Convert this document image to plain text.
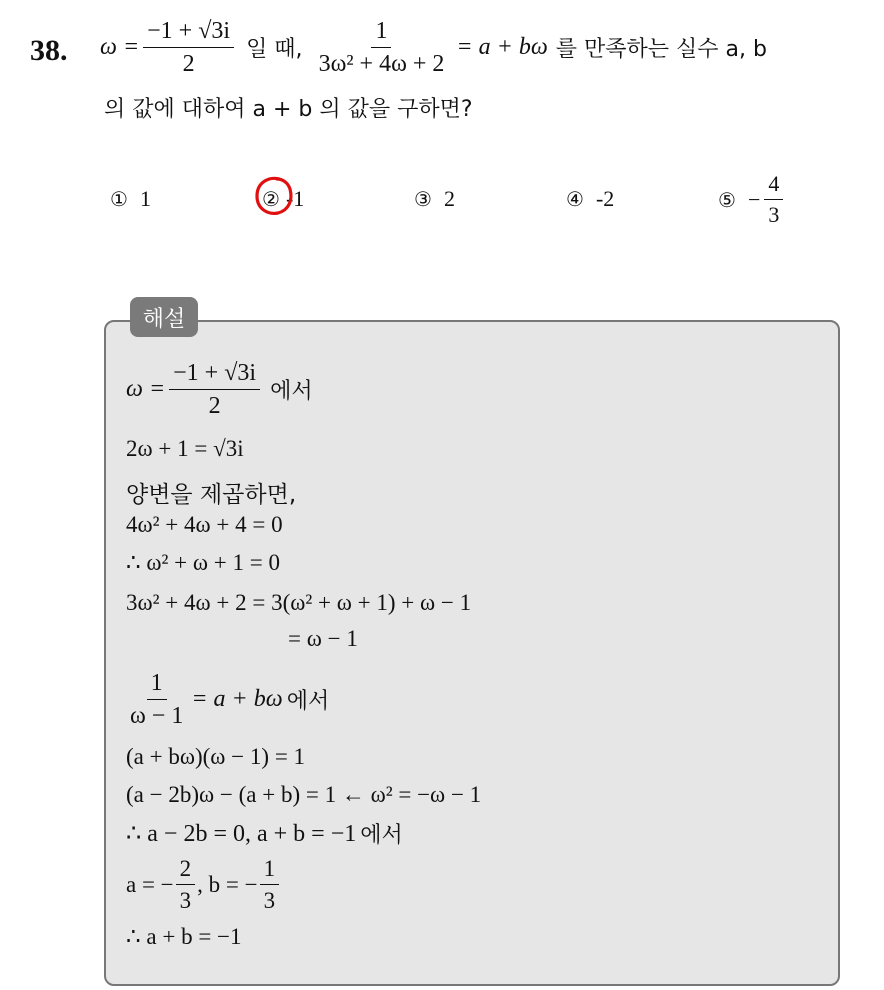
38. $\omega = \frac{-1 + √3i}{2}$ 일 때, $\frac{1}{\text{3ω² + 4ω + 2}} = a + b\omega$ 를 만족하는 실수 a, b
의 값에 대하여 a + b 의 값을 구하면?
① 1	② -1	③ 2	④ -2	⑤ − $\frac{4}{3}$
해설
$\omega = \frac{-1 + √3i}{2}$ 에서
2ω + 1 = √3i
양변을 제곱하면,
4ω² + 4ω + 4 = 0
∴ ω² + ω + 1 = 0
3ω² + 4ω + 2 = 3(ω² + ω + 1) + ω − 1
= ω − 1
$\frac{1}{\omega - 1} = a + b\omega$ 에서
(a + bω)(ω − 1) = 1
(a − 2b)ω − (a + b) = 1 ← ω² = −ω − 1
∴ a − 2b = 0, a + b = −1 에서
a = − $\frac{2}{3}$ , b = − $\frac{1}{3}$
∴ a + b = −1
